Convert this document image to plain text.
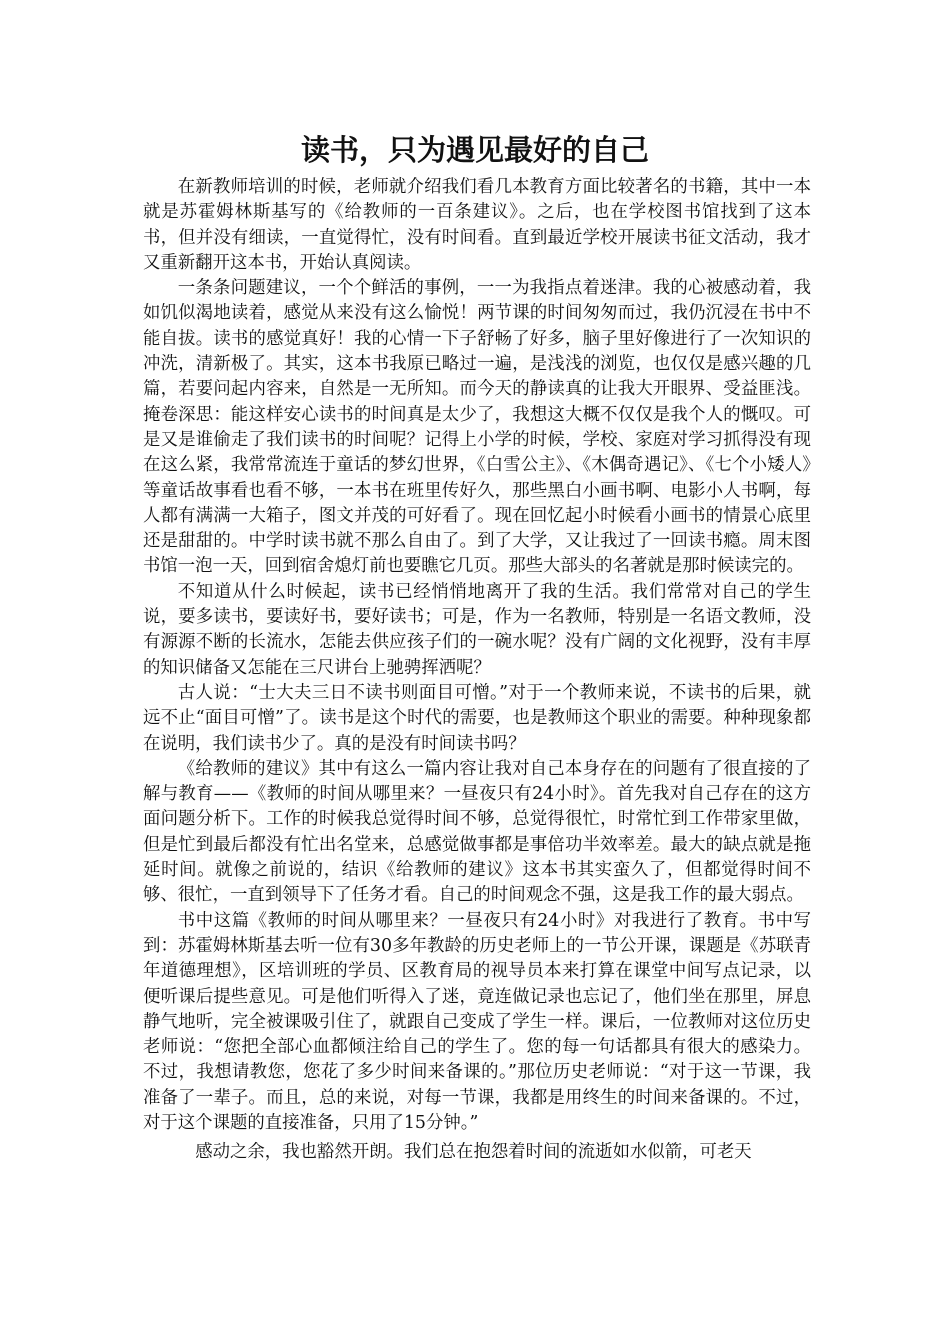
读书，只为遇见最好的自己

在新教师培训的时候，老师就介绍我们看几本教育方面比较著名的书籍，其中一本就是苏霍姆林斯基写的《给教师的一百条建议》。之后，也在学校图书馆找到了这本书，但并没有细读，一直觉得忙，没有时间看。直到最近学校开展读书征文活动，我才又重新翻开这本书，开始认真阅读。

一条条问题建议，一个个鲜活的事例，一一为我指点着迷津。我的心被感动着，我如饥似渴地读着，感觉从来没有这么愉悦！两节课的时间匆匆而过，我仍沉浸在书中不能自拔。读书的感觉真好！我的心情一下子舒畅了好多，脑子里好像进行了一次知识的冲洗，清新极了。其实，这本书我原已略过一遍，是浅浅的浏览，也仅仅是感兴趣的几篇，若要问起内容来，自然是一无所知。而今天的静读真的让我大开眼界、受益匪浅。掩卷深思：能这样安心读书的时间真是太少了，我想这大概不仅仅是我个人的慨叹。可是又是谁偷走了我们读书的时间呢？记得上小学的时候，学校、家庭对学习抓得没有现在这么紧，我常常流连于童话的梦幻世界，《白雪公主》、《木偶奇遇记》、《七个小矮人》等童话故事看也看不够，一本书在班里传好久，那些黑白小画书啊、电影小人书啊，每人都有满满一大箱子，图文并茂的可好看了。现在回忆起小时候看小画书的情景心底里还是甜甜的。中学时读书就不那么自由了。到了大学，又让我过了一回读书瘾。周末图书馆一泡一天，回到宿舍熄灯前也要瞧它几页。那些大部头的名著就是那时候读完的。

不知道从什么时候起，读书已经悄悄地离开了我的生活。我们常常对自己的学生说，要多读书，要读好书，要好读书；可是，作为一名教师，特别是一名语文教师，没有源源不断的长流水，怎能去供应孩子们的一碗水呢？没有广阔的文化视野，没有丰厚的知识储备又怎能在三尺讲台上驰骋挥洒呢？

古人说：“士大夫三日不读书则面目可憎。”对于一个教师来说，不读书的后果，就远不止“面目可憎”了。读书是这个时代的需要，也是教师这个职业的需要。种种现象都在说明，我们读书少了。真的是没有时间读书吗？

《给教师的建议》其中有这么一篇内容让我对自己本身存在的问题有了很直接的了解与教育——《教师的时间从哪里来？一昼夜只有24小时》。首先我对自己存在的这方面问题分析下。工作的时候我总觉得时间不够，总觉得很忙，时常忙到工作带家里做，但是忙到最后都没有忙出名堂来，总感觉做事都是事倍功半效率差。最大的缺点就是拖延时间。就像之前说的，结识《给教师的建议》这本书其实蛮久了，但都觉得时间不够、很忙，一直到领导下了任务才看。自己的时间观念不强，这是我工作的最大弱点。

书中这篇《教师的时间从哪里来？一昼夜只有24小时》对我进行了教育。书中写到：苏霍姆林斯基去听一位有30多年教龄的历史老师上的一节公开课，课题是《苏联青年道德理想》，区培训班的学员、区教育局的视导员本来打算在课堂中间写点记录，以便听课后提些意见。可是他们听得入了迷，竟连做记录也忘记了，他们坐在那里，屏息静气地听，完全被课吸引住了，就跟自己变成了学生一样。课后，一位教师对这位历史老师说：“您把全部心血都倾注给自己的学生了。您的每一句话都具有很大的感染力。不过，我想请教您，您花了多少时间来备课的。”那位历史老师说：“对于这一节课，我准备了一辈子。而且，总的来说，对每一节课，我都是用终生的时间来备课的。不过，对于这个课题的直接准备，只用了15分钟。”

感动之余，我也豁然开朗。我们总在抱怨着时间的流逝如水似箭，可老天
